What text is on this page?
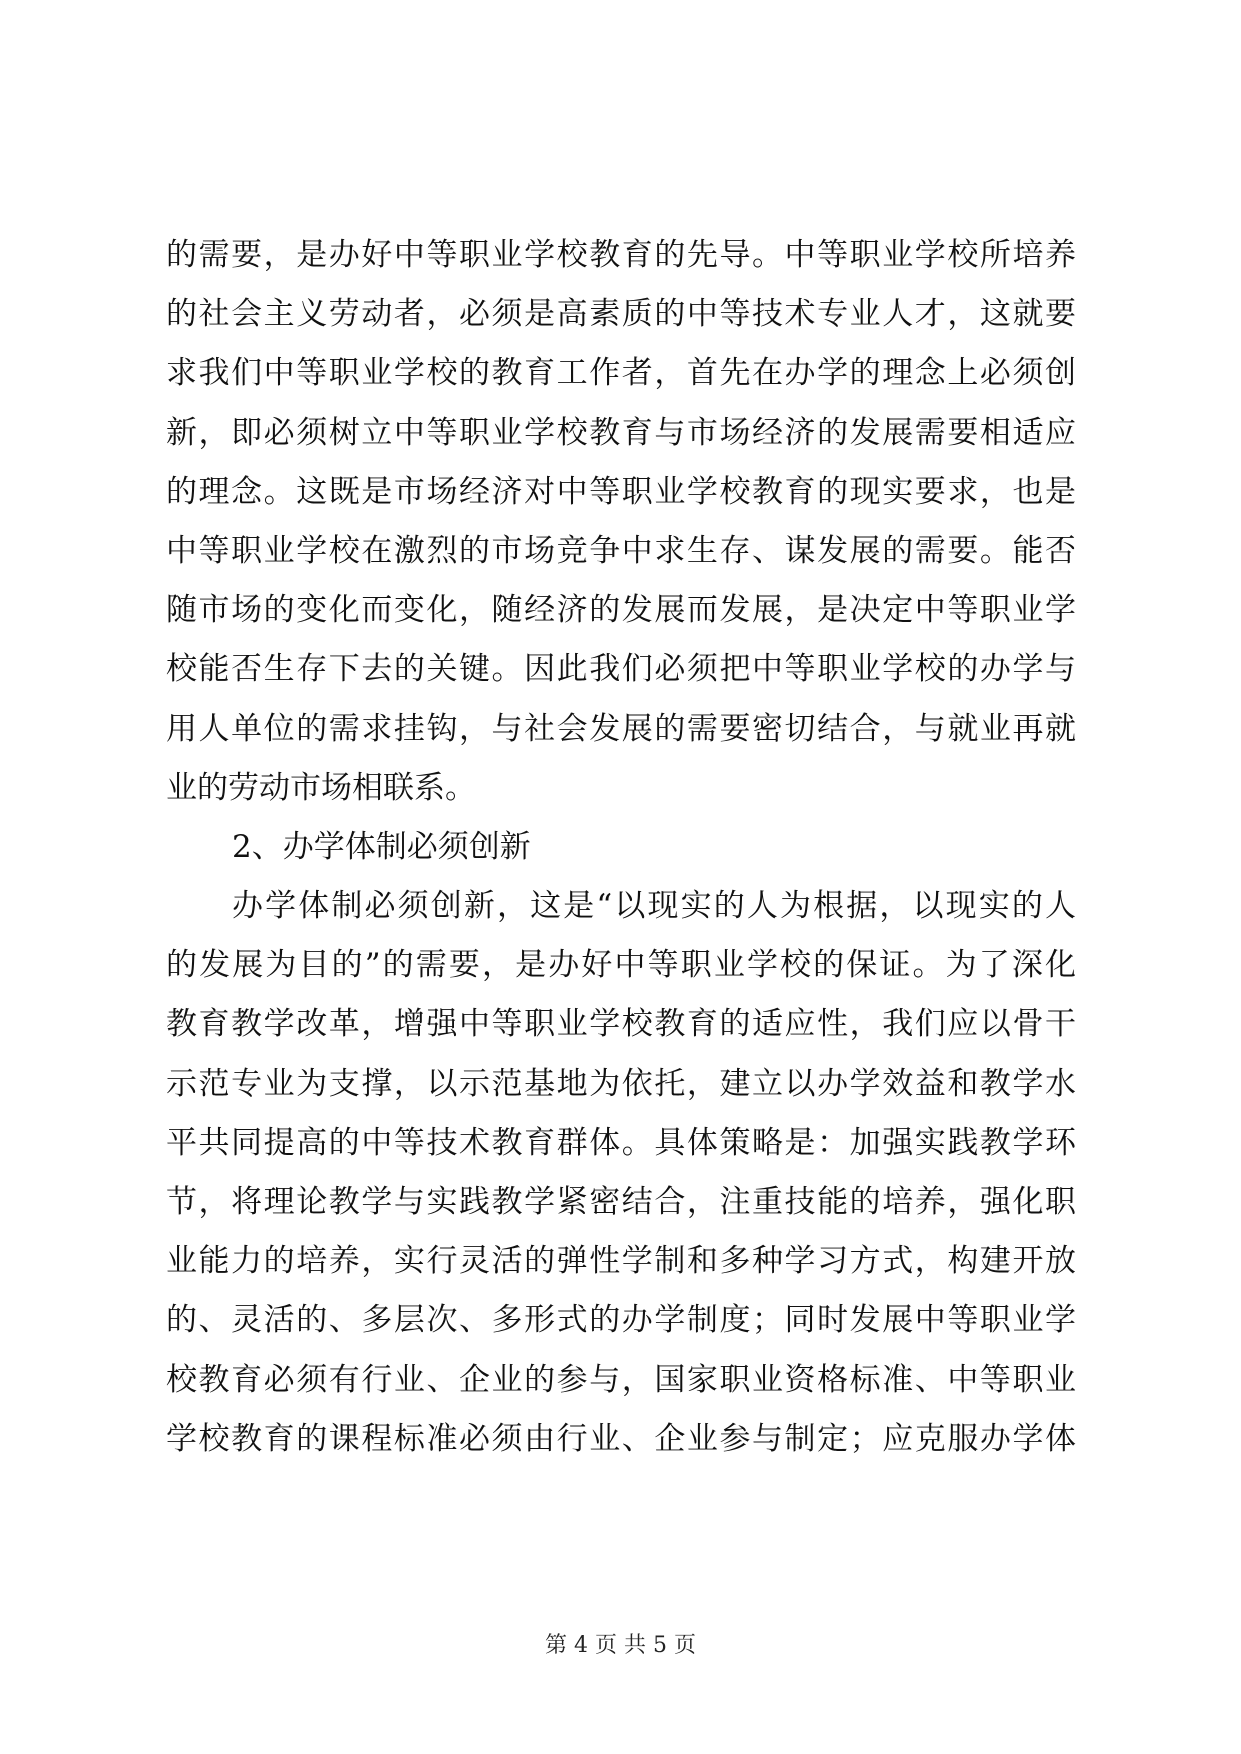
的需要，是办好中等职业学校教育的先导。中等职业学校所培养
的社会主义劳动者，必须是高素质的中等技术专业人才，这就要
求我们中等职业学校的教育工作者，首先在办学的理念上必须创
新，即必须树立中等职业学校教育与市场经济的发展需要相适应
的理念。这既是市场经济对中等职业学校教育的现实要求，也是
中等职业学校在激烈的市场竞争中求生存、谋发展的需要。能否
随市场的变化而变化，随经济的发展而发展，是决定中等职业学
校能否生存下去的关键。因此我们必须把中等职业学校的办学与
用人单位的需求挂钩，与社会发展的需要密切结合，与就业再就
业的劳动市场相联系。
2、办学体制必须创新
办学体制必须创新，这是“以现实的人为根据，以现实的人
的发展为目的”的需要，是办好中等职业学校的保证。为了深化
教育教学改革，增强中等职业学校教育的适应性，我们应以骨干
示范专业为支撑，以示范基地为依托，建立以办学效益和教学水
平共同提高的中等技术教育群体。具体策略是：加强实践教学环
节，将理论教学与实践教学紧密结合，注重技能的培养，强化职
业能力的培养，实行灵活的弹性学制和多种学习方式，构建开放
的、灵活的、多层次、多形式的办学制度；同时发展中等职业学
校教育必须有行业、企业的参与，国家职业资格标准、中等职业
学校教育的课程标准必须由行业、企业参与制定；应克服办学体
第 4 页 共 5 页
